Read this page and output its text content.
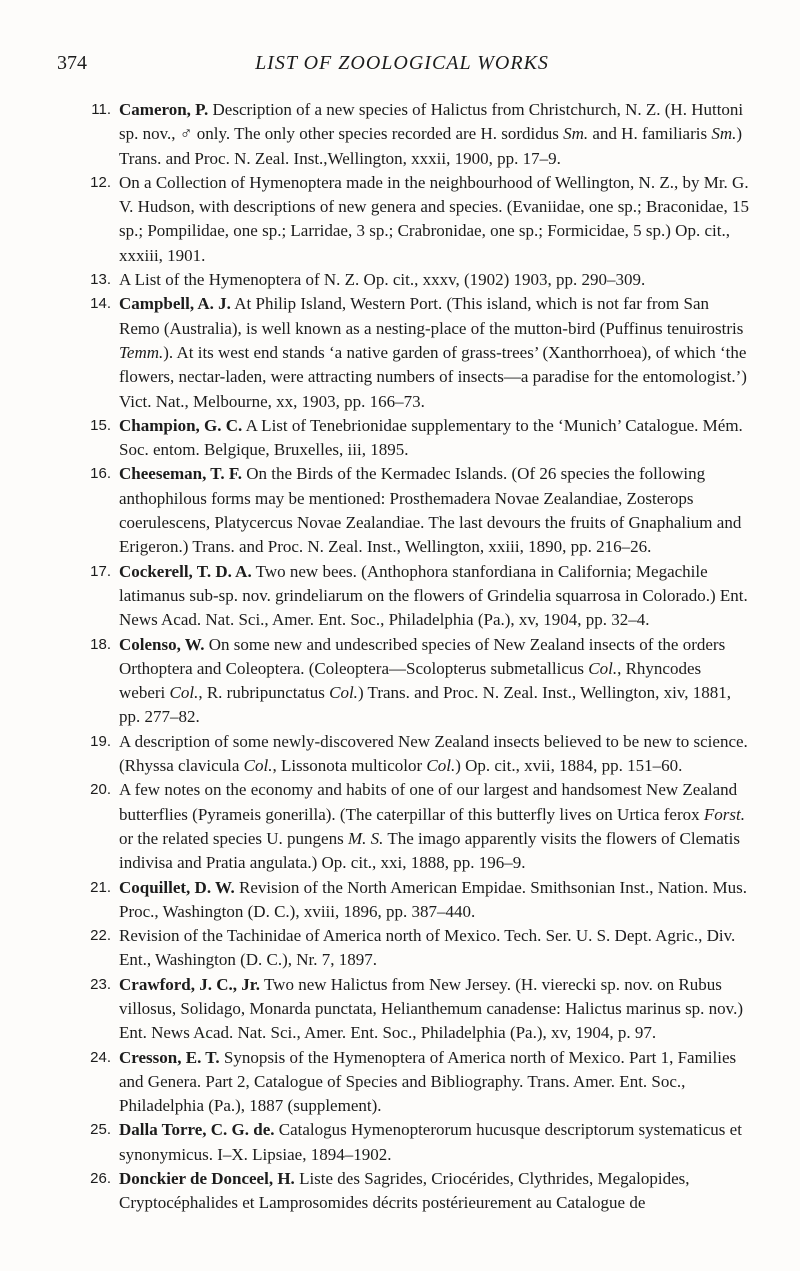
374	LIST OF ZOOLOGICAL WORKS

11. Cameron, P. Description of a new species of Halictus from Christchurch, N. Z. (H. Huttoni sp. nov., ♂ only. The only other species recorded are H. sordidus Sm. and H. familiaris Sm.) Trans. and Proc. N. Zeal. Inst.,Wellington, xxxii, 1900, pp. 17–9.

12. On a Collection of Hymenoptera made in the neighbourhood of Wellington, N. Z., by Mr. G. V. Hudson, with descriptions of new genera and species. (Evaniidae, one sp.; Braconidae, 15 sp.; Pompilidae, one sp.; Larridae, 3 sp.; Crabronidae, one sp.; Formicidae, 5 sp.) Op. cit., xxxiii, 1901.

13. A List of the Hymenoptera of N. Z. Op. cit., xxxv, (1902) 1903, pp. 290–309.

14. Campbell, A. J. At Philip Island, Western Port. (This island, which is not far from San Remo (Australia), is well known as a nesting-place of the mutton-bird (Puffinus tenuirostris Temm.). At its west end stands ‘a native garden of grass-trees’ (Xanthorrhoea), of which ‘the flowers, nectar-laden, were attracting numbers of insects—a paradise for the entomologist.’) Vict. Nat., Melbourne, xx, 1903, pp. 166–73.

15. Champion, G. C. A List of Tenebrionidae supplementary to the ‘Munich’ Catalogue. Mém. Soc. entom. Belgique, Bruxelles, iii, 1895.

16. Cheeseman, T. F. On the Birds of the Kermadec Islands. (Of 26 species the following anthophilous forms may be mentioned: Prosthemadera Novae Zealandiae, Zosterops coerulescens, Platycercus Novae Zealandiae. The last devours the fruits of Gnaphalium and Erigeron.) Trans. and Proc. N. Zeal. Inst., Wellington, xxiii, 1890, pp. 216–26.

17. Cockerell, T. D. A. Two new bees. (Anthophora stanfordiana in California; Megachile latimanus sub-sp. nov. grindeliarum on the flowers of Grindelia squarrosa in Colorado.) Ent. News Acad. Nat. Sci., Amer. Ent. Soc., Philadelphia (Pa.), xv, 1904, pp. 32–4.

18. Colenso, W. On some new and undescribed species of New Zealand insects of the orders Orthoptera and Coleoptera. (Coleoptera—Scolopterus submetallicus Col., Rhyncodes weberi Col., R. rubripunctatus Col.) Trans. and Proc. N. Zeal. Inst., Wellington, xiv, 1881, pp. 277–82.

19. A description of some newly-discovered New Zealand insects believed to be new to science. (Rhyssa clavicula Col., Lissonota multicolor Col.) Op. cit., xvii, 1884, pp. 151–60.

20. A few notes on the economy and habits of one of our largest and handsomest New Zealand butterflies (Pyrameis gonerilla). (The caterpillar of this butterfly lives on Urtica ferox Forst. or the related species U. pungens M. S. The imago apparently visits the flowers of Clematis indivisa and Pratia angulata.) Op. cit., xxi, 1888, pp. 196–9.

21. Coquillet, D. W. Revision of the North American Empidae. Smithsonian Inst., Nation. Mus. Proc., Washington (D. C.), xviii, 1896, pp. 387–440.

22. Revision of the Tachinidae of America north of Mexico. Tech. Ser. U. S. Dept. Agric., Div. Ent., Washington (D. C.), Nr. 7, 1897.

23. Crawford, J. C., Jr. Two new Halictus from New Jersey. (H. vierecki sp. nov. on Rubus villosus, Solidago, Monarda punctata, Helianthemum canadense: Halictus marinus sp. nov.) Ent. News Acad. Nat. Sci., Amer. Ent. Soc., Philadelphia (Pa.), xv, 1904, p. 97.

24. Cresson, E. T. Synopsis of the Hymenoptera of America north of Mexico. Part 1, Families and Genera. Part 2, Catalogue of Species and Bibliography. Trans. Amer. Ent. Soc., Philadelphia (Pa.), 1887 (supplement).

25. Dalla Torre, C. G. de. Catalogus Hymenopterorum hucusque descriptorum systematicus et synonymicus. I–X. Lipsiae, 1894–1902.

26. Donckier de Donceel, H. Liste des Sagrides, Criocérides, Clythrides, Megalopides, Cryptocéphalides et Lamprosomides décrits postérieurement au Catalogue de
